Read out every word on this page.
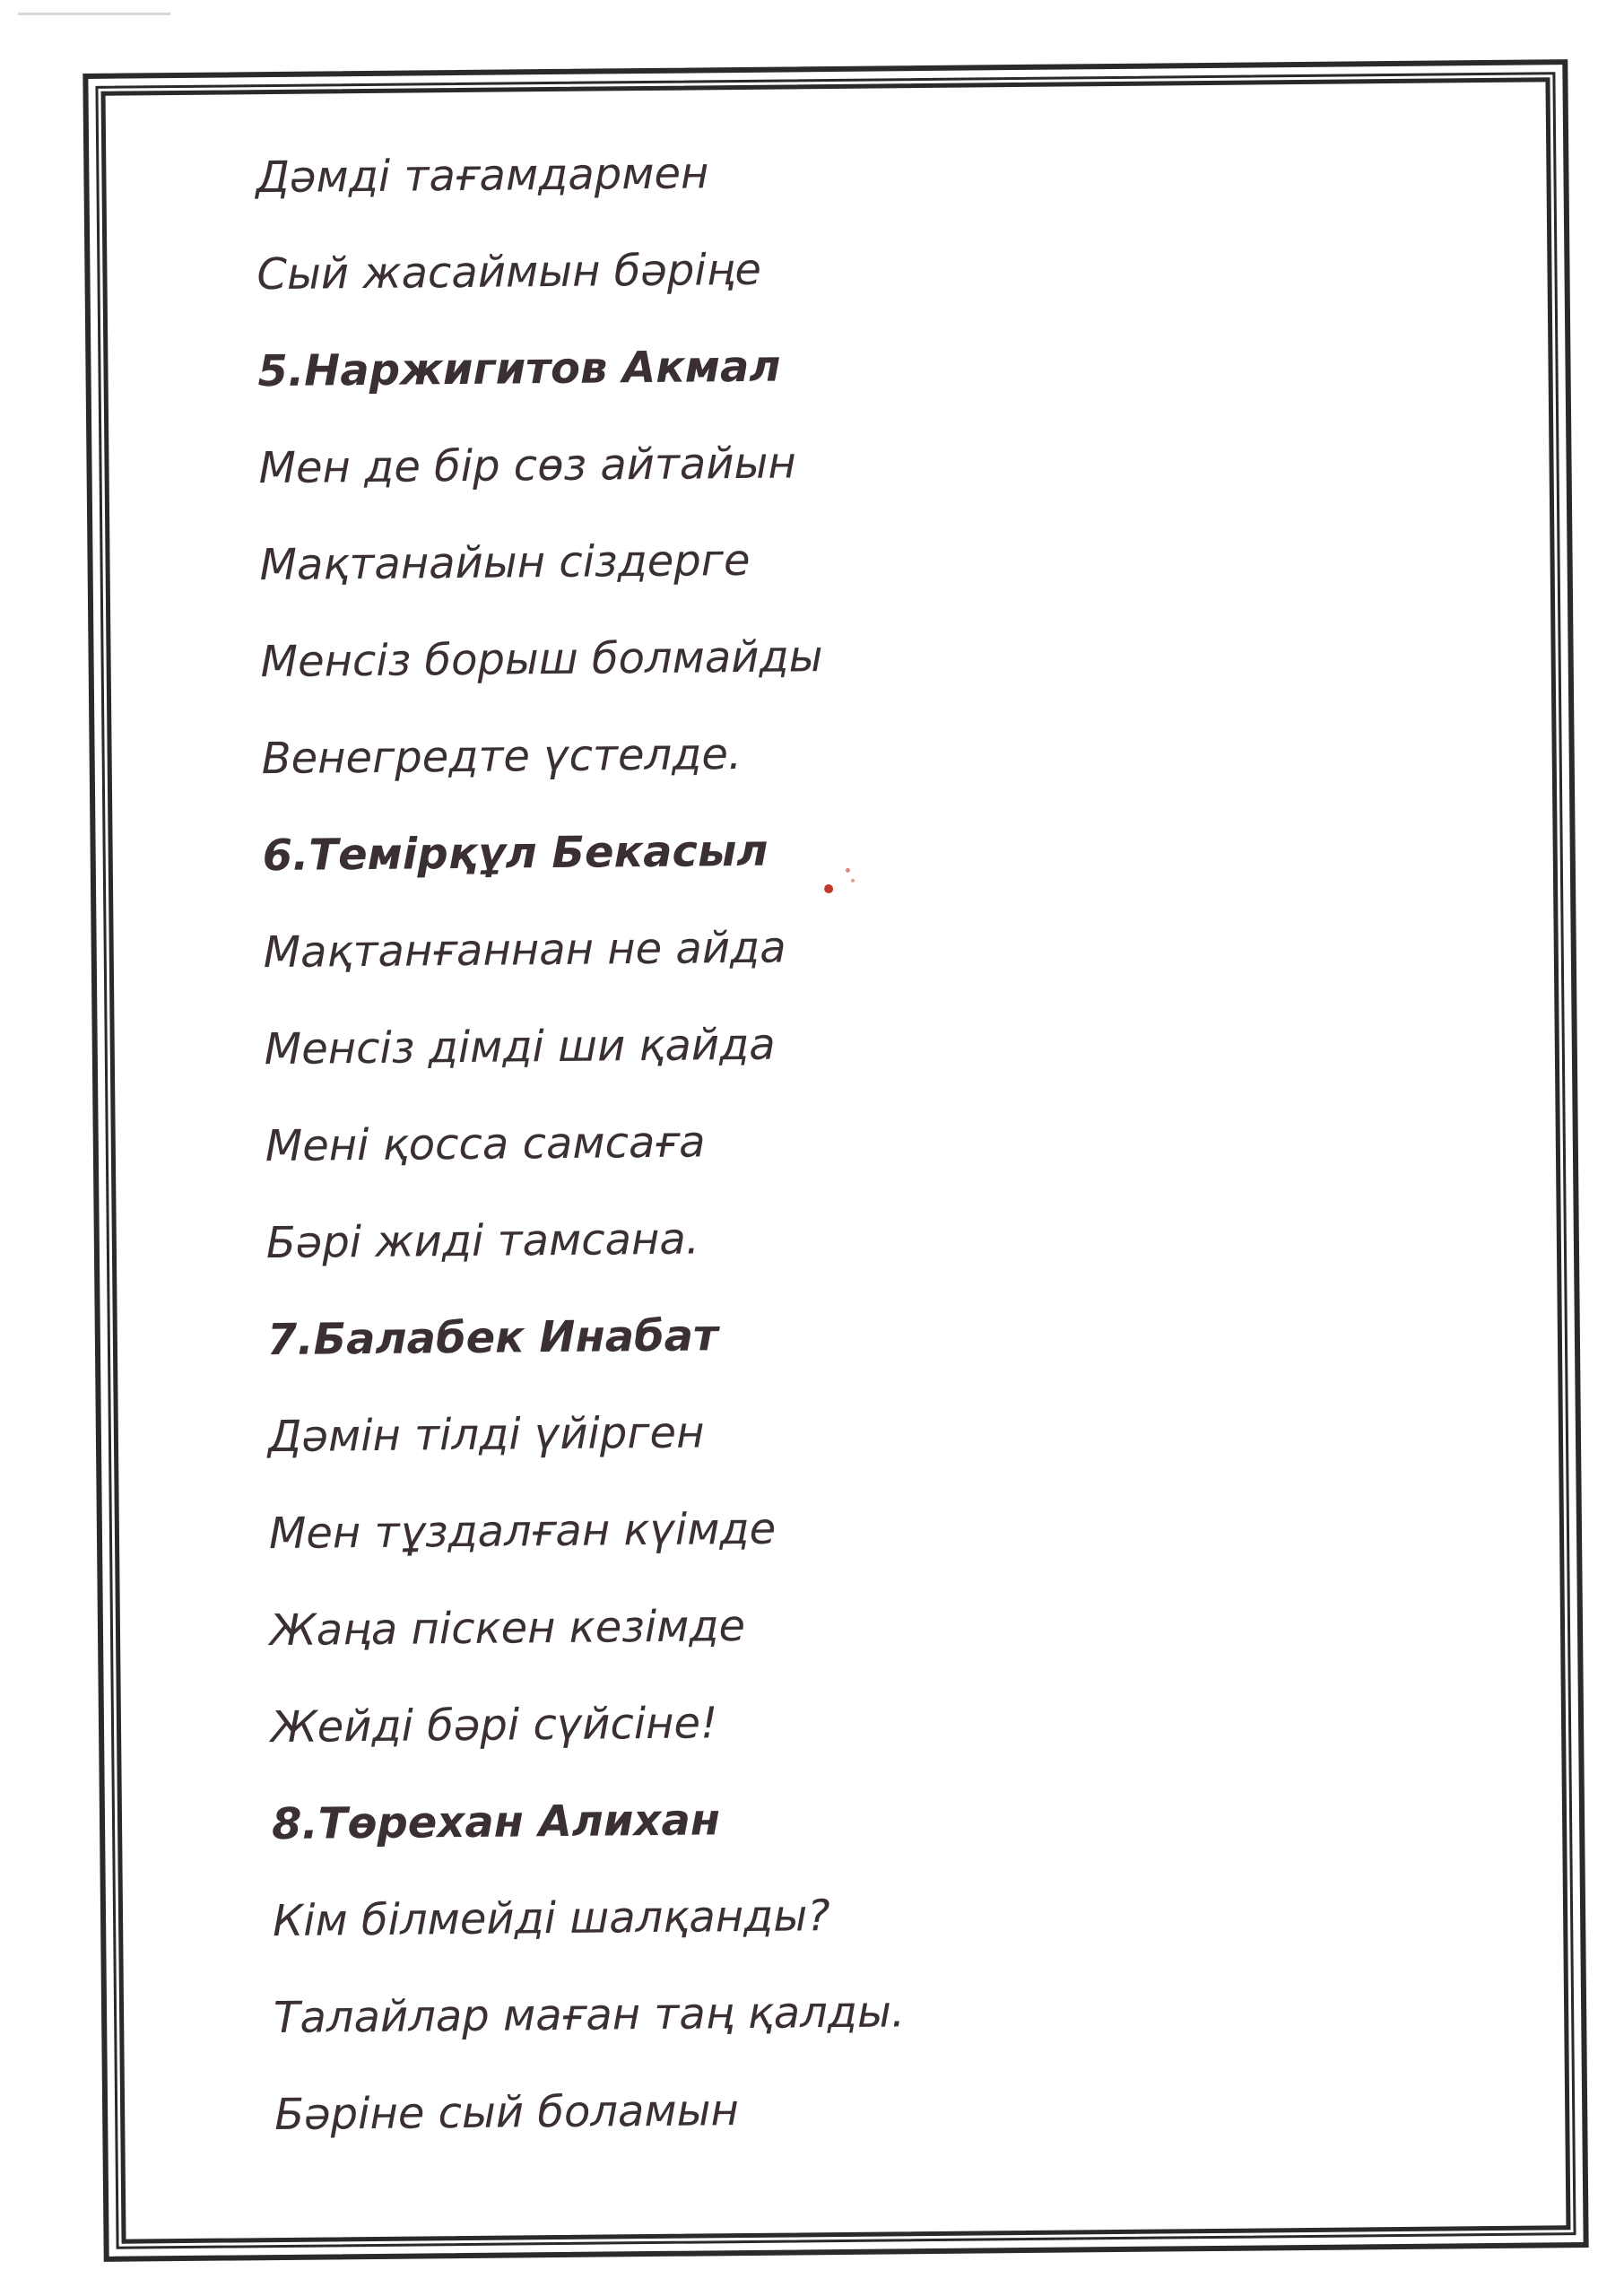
Дәмді тағамдармен
Сый жасаймын бәріңе
5.Наржигитов Акмал
Мен де бір сөз айтайын
Мақтанайын сіздерге
Менсіз борыш болмайды
Венегредте үстелде.
6.Темірқұл Бекасыл
Мақтанғаннан не айда
Менсіз дімді ши қайда
Мені қосса самсаға
Бәрі жиді тамсана.
7.Балабек Инабат
Дәмін тілді үйірген
Мен тұздалған күімде
Жаңа піскен кезімде
Жейді бәрі сүйсіне!
8.Төрехан Алихан
Кім білмейді шалқанды?
Талайлар маған таң қалды.
Бәріне сый боламын
